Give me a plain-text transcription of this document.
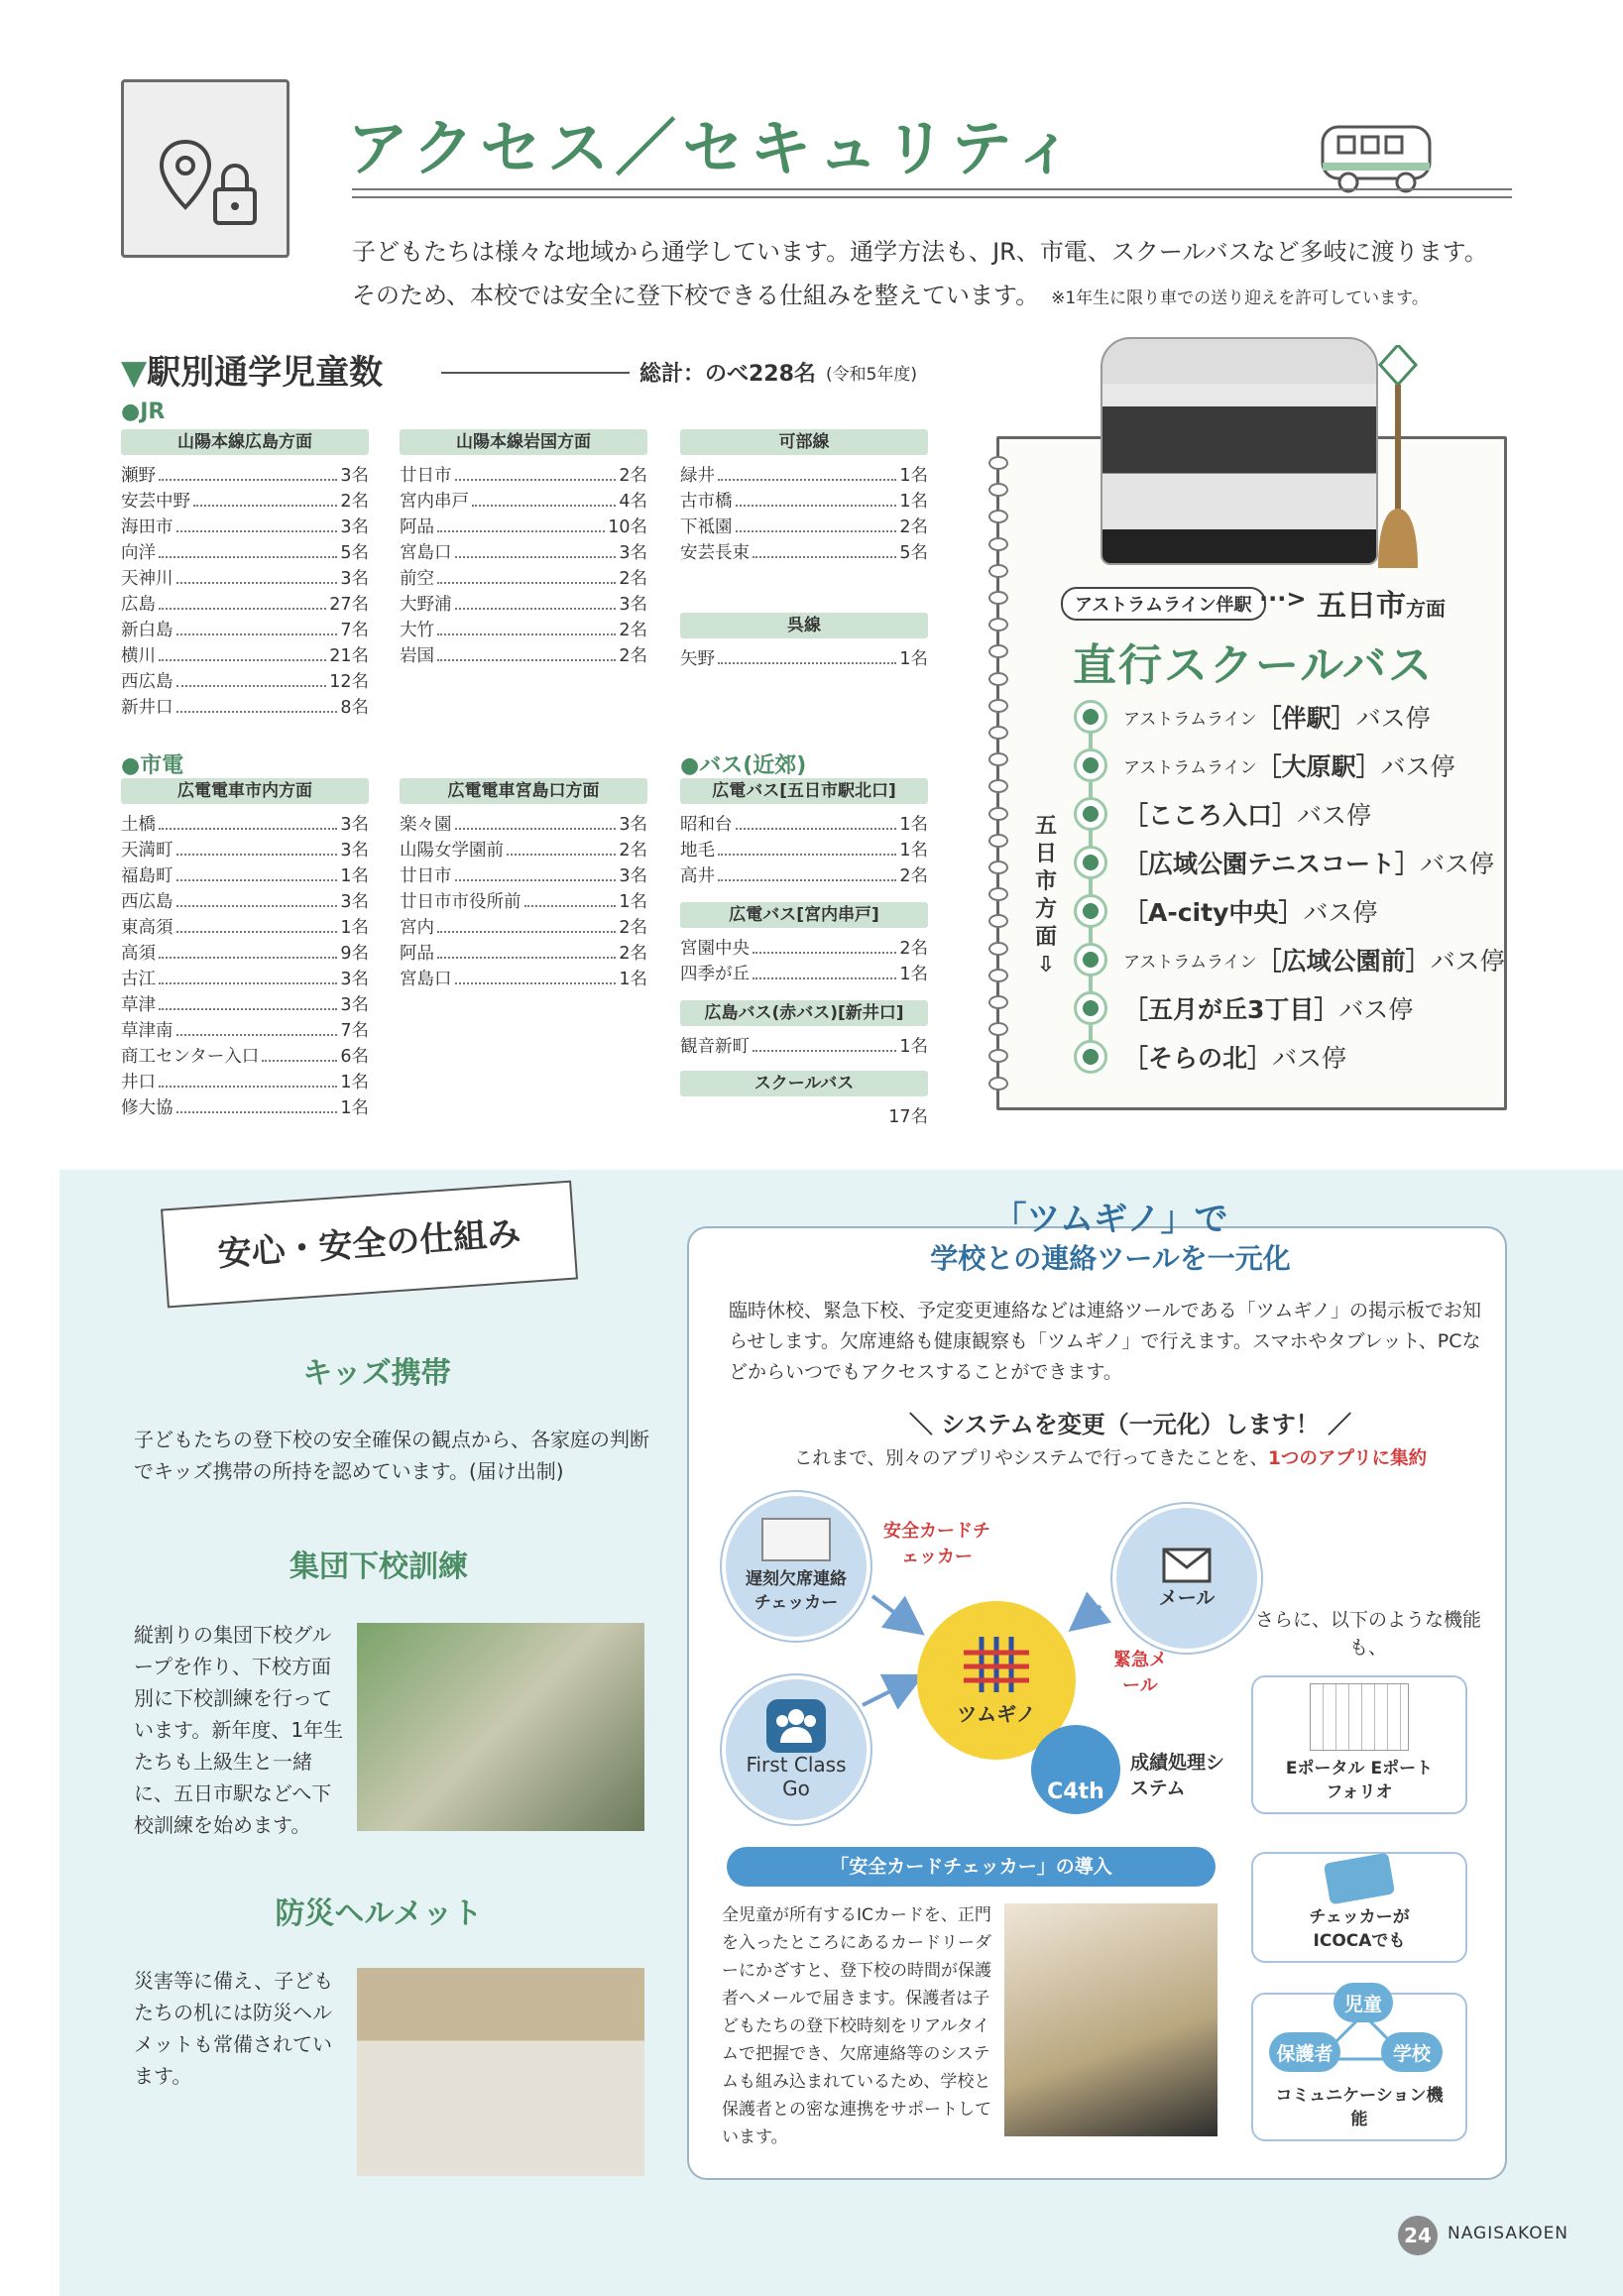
アクセス／セキュリティ
子どもたちは様々な地域から通学しています。通学方法も、JR、市電、スクールバスなど多岐に渡ります。
そのため、本校では安全に登下校できる仕組みを整えています。　 ※1年生に限り車での送り迎えを許可しています。
▼駅別通学児童数	総計：のべ228名 (令和5年度)
●JR
山陽本線広島方面
瀬野	3名
安芸中野	2名
海田市	3名
向洋	5名
天神川	3名
広島	27名
新白島	7名
横川	21名
西広島	12名
新井口	8名
山陽本線岩国方面
廿日市	2名
宮内串戸	4名
阿品	10名
宮島口	3名
前空	2名
大野浦	3名
大竹	2名
岩国	2名
可部線
緑井	1名
古市橋	1名
下祗園	2名
安芸長束	5名
呉線
矢野	1名
●市電
広電電車市内方面
土橋	3名
天満町	3名
福島町	1名
西広島	3名
東高須	1名
高須	9名
古江	3名
草津	3名
草津南	7名
商工センター入口	6名
井口	1名
修大協	1名
広電電車宮島口方面
楽々園	3名
山陽女学園前	2名
廿日市	3名
廿日市市役所前	1名
宮内	2名
阿品	2名
宮島口	1名
●バス(近郊)
広電バス[五日市駅北口]
昭和台	1名
地毛	1名
高井	2名
広電バス[宮内串戸]
宮園中央	2名
四季が丘	1名
広島バス(赤バス)[新井口]
観音新町	1名
スクールバス
17名
アストラムライン伴駅 ···> 五日市方面
直行スクールバス
五日市方面⇩
アストラムライン ［伴駅］ バス停
アストラムライン ［大原駅］ バス停
［こころ入口］ バス停
［広域公園テニスコート］ バス停
［A-city中央］ バス停
アストラムライン ［広域公園前］ バス停
［五月が丘3丁目］ バス停
［そらの北］ バス停
安心・安全の仕組み
キッズ携帯
子どもたちの登下校の安全確保の観点から、各家庭の判断でキッズ携帯の所持を認めています。(届け出制)
集団下校訓練
縦割りの集団下校グループを作り、下校方面別に下校訓練を行っています。新年度、1年生たちも上級生と一緒に、五日市駅などへ下校訓練を始めます。
防災ヘルメット
災害等に備え、子どもたちの机には防災ヘルメットも常備されています。
「ツムギノ」で
学校との連絡ツールを一元化
臨時休校、緊急下校、予定変更連絡などは連絡ツールである「ツムギノ」の掲示板でお知らせします。欠席連絡も健康観察も「ツムギノ」で行えます。スマホやタブレット、PCなどからいつでもアクセスすることができます。
＼ システムを変更（一元化）します！ ／
これまで、別々のアプリやシステムで行ってきたことを、1つのアプリに集約
遅刻欠席連絡チェッカー
安全カードチェッカー
メール
ツムギノ
緊急メール
First Class Go	C4th
成績処理システム
さらに、以下のような機能も、
Eポータル Eポートフォリオ
チェッカーが ICOCAでも
コミュニケーション機能
児童
保護者	学校
「安全カードチェッカー」の導入
全児童が所有するICカードを、正門を入ったところにあるカードリーダーにかざすと、登下校の時間が保護者へメールで届きます。保護者は子どもたちの登下校時刻をリアルタイムで把握でき、欠席連絡等のシステムも組み込まれているため、学校と保護者との密な連携をサポートしています。
24 NAGISAKOEN
